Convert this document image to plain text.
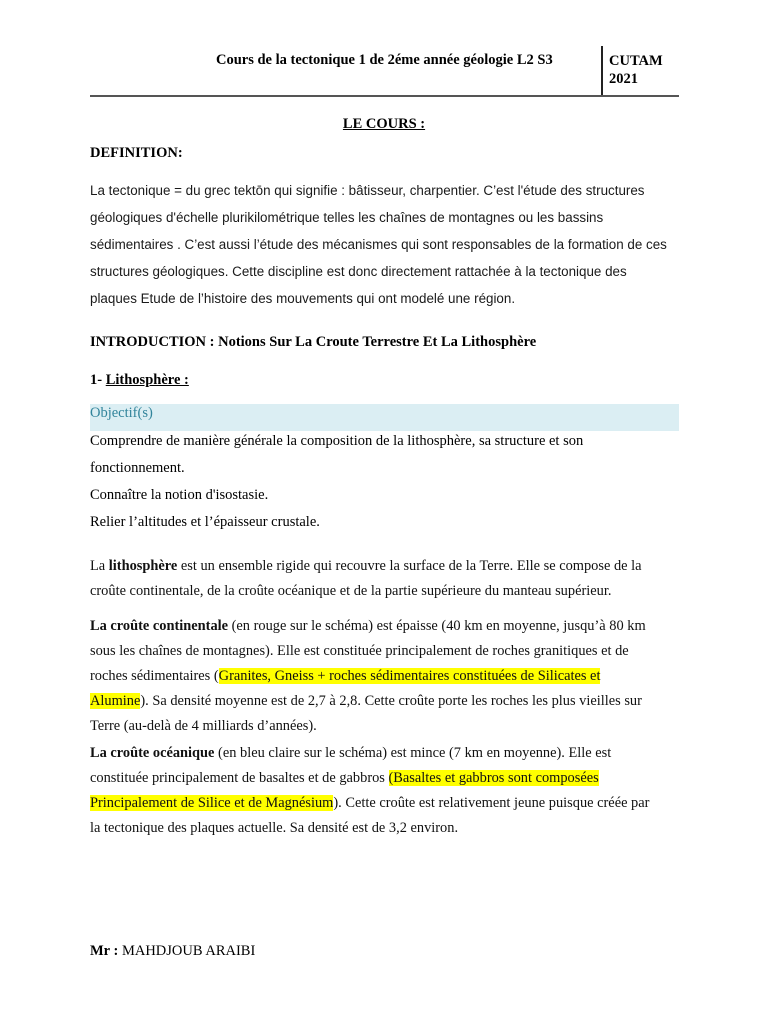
Cours de la tectonique 1 de 2éme année géologie L2 S3	CUTAM
2021
LE COURS :
DEFINITION:
La tectonique = du grec tektōn qui signifie : bâtisseur, charpentier. C’est l'étude des structures
géologiques d'échelle plurikilométrique telles les chaînes de montagnes ou les bassins
sédimentaires . C’est aussi l’étude des mécanismes qui sont responsables de la formation de ces
structures géologiques. Cette discipline est donc directement rattachée à la tectonique des
plaques Etude de l’histoire des mouvements qui ont modelé une région.
INTRODUCTION : Notions Sur La Croute Terrestre Et La Lithosphère
1- Lithosphère :
Objectif(s)
Comprendre de manière générale la composition de la lithosphère, sa structure et son
fonctionnement.
Connaître la notion d'isostasie.
Relier l’altitudes et l’épaisseur crustale.
La lithosphère est un ensemble rigide qui recouvre la surface de la Terre. Elle se compose de la
croûte continentale, de la croûte océanique et de la partie supérieure du manteau supérieur.
La croûte continentale (en rouge sur le schéma) est épaisse (40 km en moyenne, jusqu’à 80 km
sous les chaînes de montagnes). Elle est constituée principalement de roches granitiques et de
roches sédimentaires (Granites, Gneiss + roches sédimentaires constituées de Silicates et
Alumine). Sa densité moyenne est de 2,7 à 2,8. Cette croûte porte les roches les plus vieilles sur
Terre (au-delà de 4 milliards d’années).
La croûte océanique (en bleu claire sur le schéma) est mince (7 km en moyenne). Elle est
constituée principalement de basaltes et de gabbros (Basaltes et gabbros sont composées
Principalement de Silice et de Magnésium). Cette croûte est relativement jeune puisque créée par
la tectonique des plaques actuelle. Sa densité est de 3,2 environ.
Mr : MAHDJOUB ARAIBI
